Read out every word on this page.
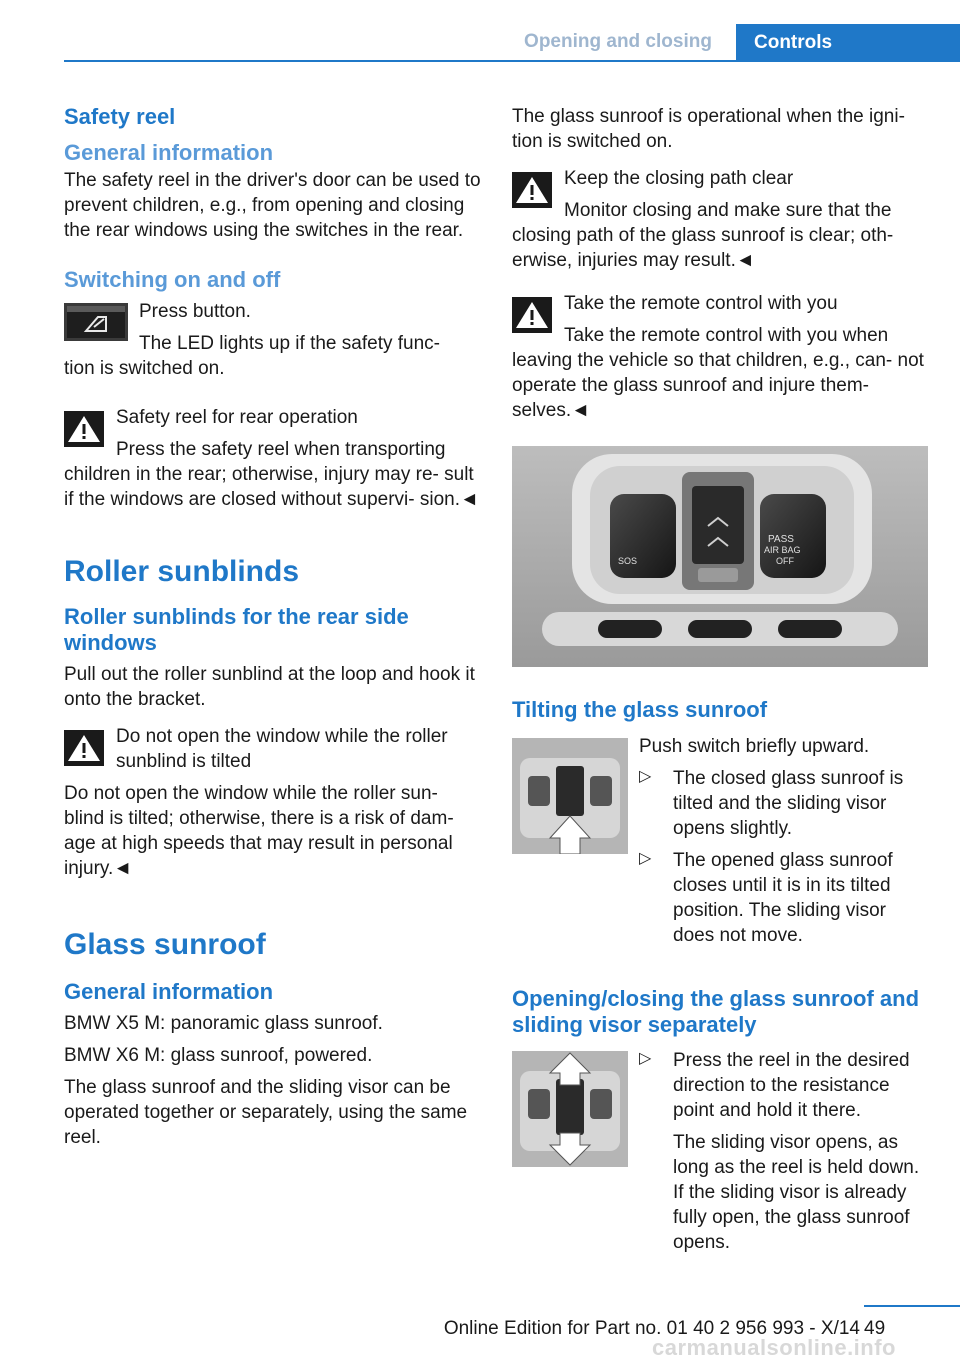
Opening and closing	Controls
Safety reel
General information

The safety reel in the driver's door can be used to prevent children, e.g., from opening and closing the rear windows using the switches in the rear.

Switching on and off

Press button.

The LED lights up if the safety func-

tion is switched on.

Safety reel for rear operation

Press the safety reel when transporting

children in the rear; otherwise, injury may re- sult if the windows are closed without supervi- sion.◄

Roller sunblinds
Roller sunblinds for the rear side windows

Pull out the roller sunblind at the loop and hook it onto the bracket.

Do not open the window while the roller sunblind is tilted

Do not open the window while the roller sun- blind is tilted; otherwise, there is a risk of dam- age at high speeds that may result in personal injury.◄

Glass sunroof
General information

BMW X5 M: panoramic glass sunroof.

BMW X6 M: glass sunroof, powered.

The glass sunroof and the sliding visor can be operated together or separately, using the same reel.

The glass sunroof is operational when the igni- tion is switched on.

Keep the closing path clear

Monitor closing and make sure that the

closing path of the glass sunroof is clear; oth- erwise, injuries may result.◄

Take the remote control with you

Take the remote control with you when

leaving the vehicle so that children, e.g., can- not operate the glass sunroof and injure them- selves.◄

SOS
PASS
AIR BAG
OFF
Tilting the glass sunroof

Push switch briefly upward.

▷	The closed glass sunroof is tilted and the sliding visor opens slightly.

▷	The opened glass sunroof closes until it is in its tilted position. The sliding visor does not move.

Opening/closing the glass sunroof and sliding visor separately
▷	Press the reel in the desired direction to the resistance point and hold it there.

The sliding visor opens, as long as the reel is held down. If the sliding visor is already fully open, the glass sunroof opens.

Online Edition for Part no. 01 40 2 956 993 - X/14 49
carmanualsonline.info
